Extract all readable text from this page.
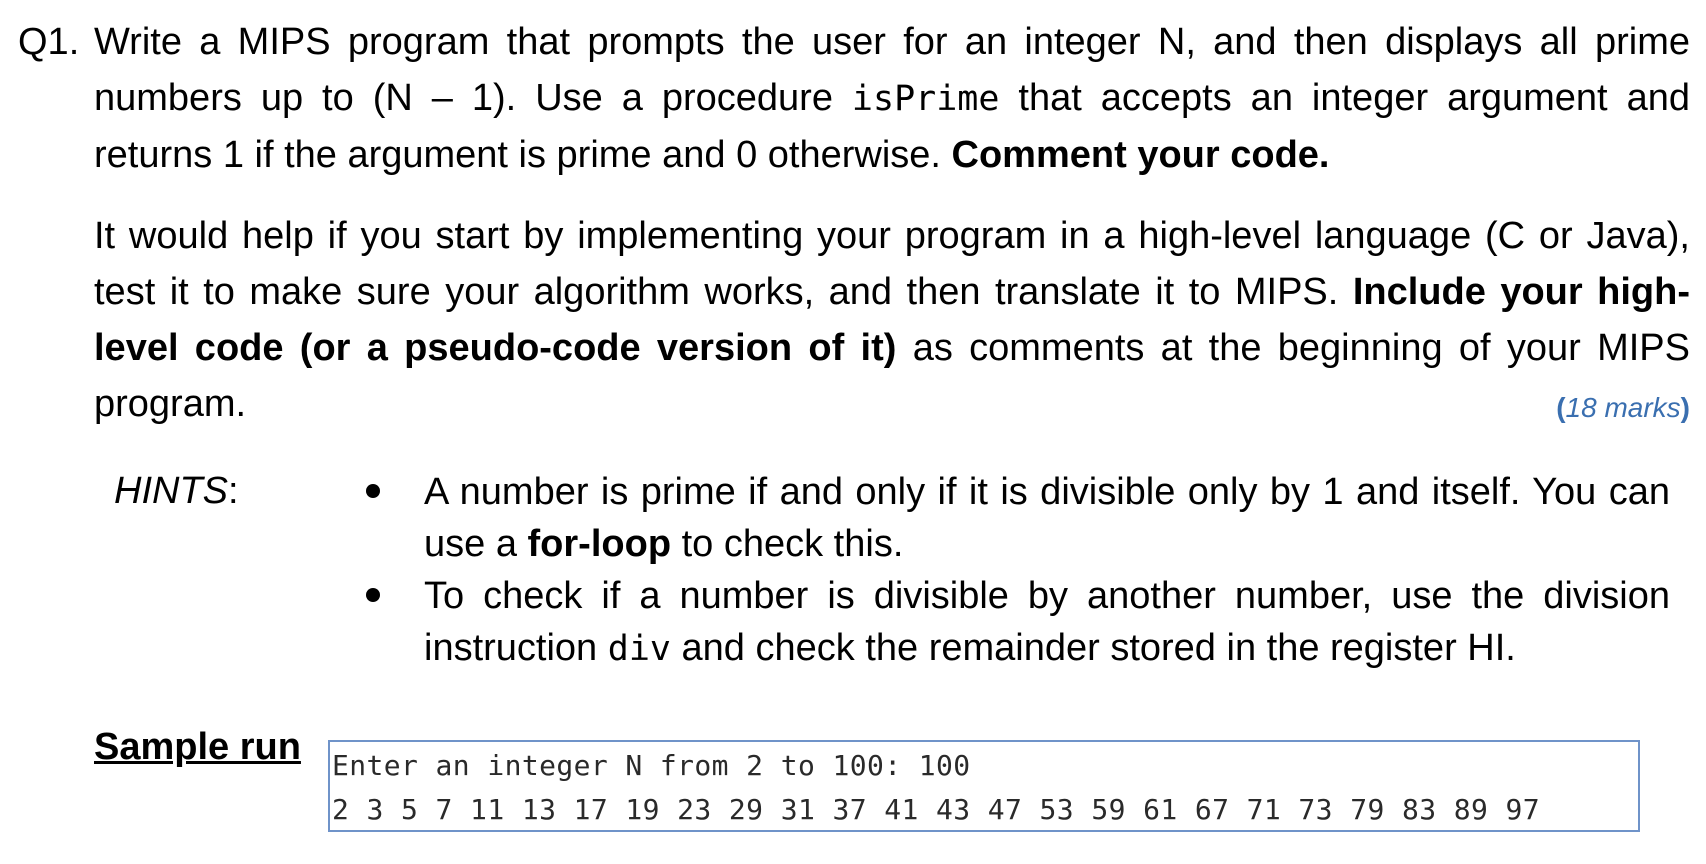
Q1. Write a MIPS program that prompts the user for an integer N, and then displays all prime numbers up to (N – 1). Use a procedure isPrime that accepts an integer argument and returns 1 if the argument is prime and 0 otherwise. Comment your code.
It would help if you start by implementing your program in a high-level language (C or Java), test it to make sure your algorithm works, and then translate it to MIPS. Include your high-level code (or a pseudo-code version of it) as comments at the beginning of your MIPS program.	(18 marks)
HINTS:	A number is prime if and only if it is divisible only by 1 and itself. You can use a for-loop to check this.
To check if a number is divisible by another number, use the division instruction div and check the remainder stored in the register HI.
Sample run Enter an integer N from 2 to 100: 100
2 3 5 7 11 13 17 19 23 29 31 37 41 43 47 53 59 61 67 71 73 79 83 89 97
